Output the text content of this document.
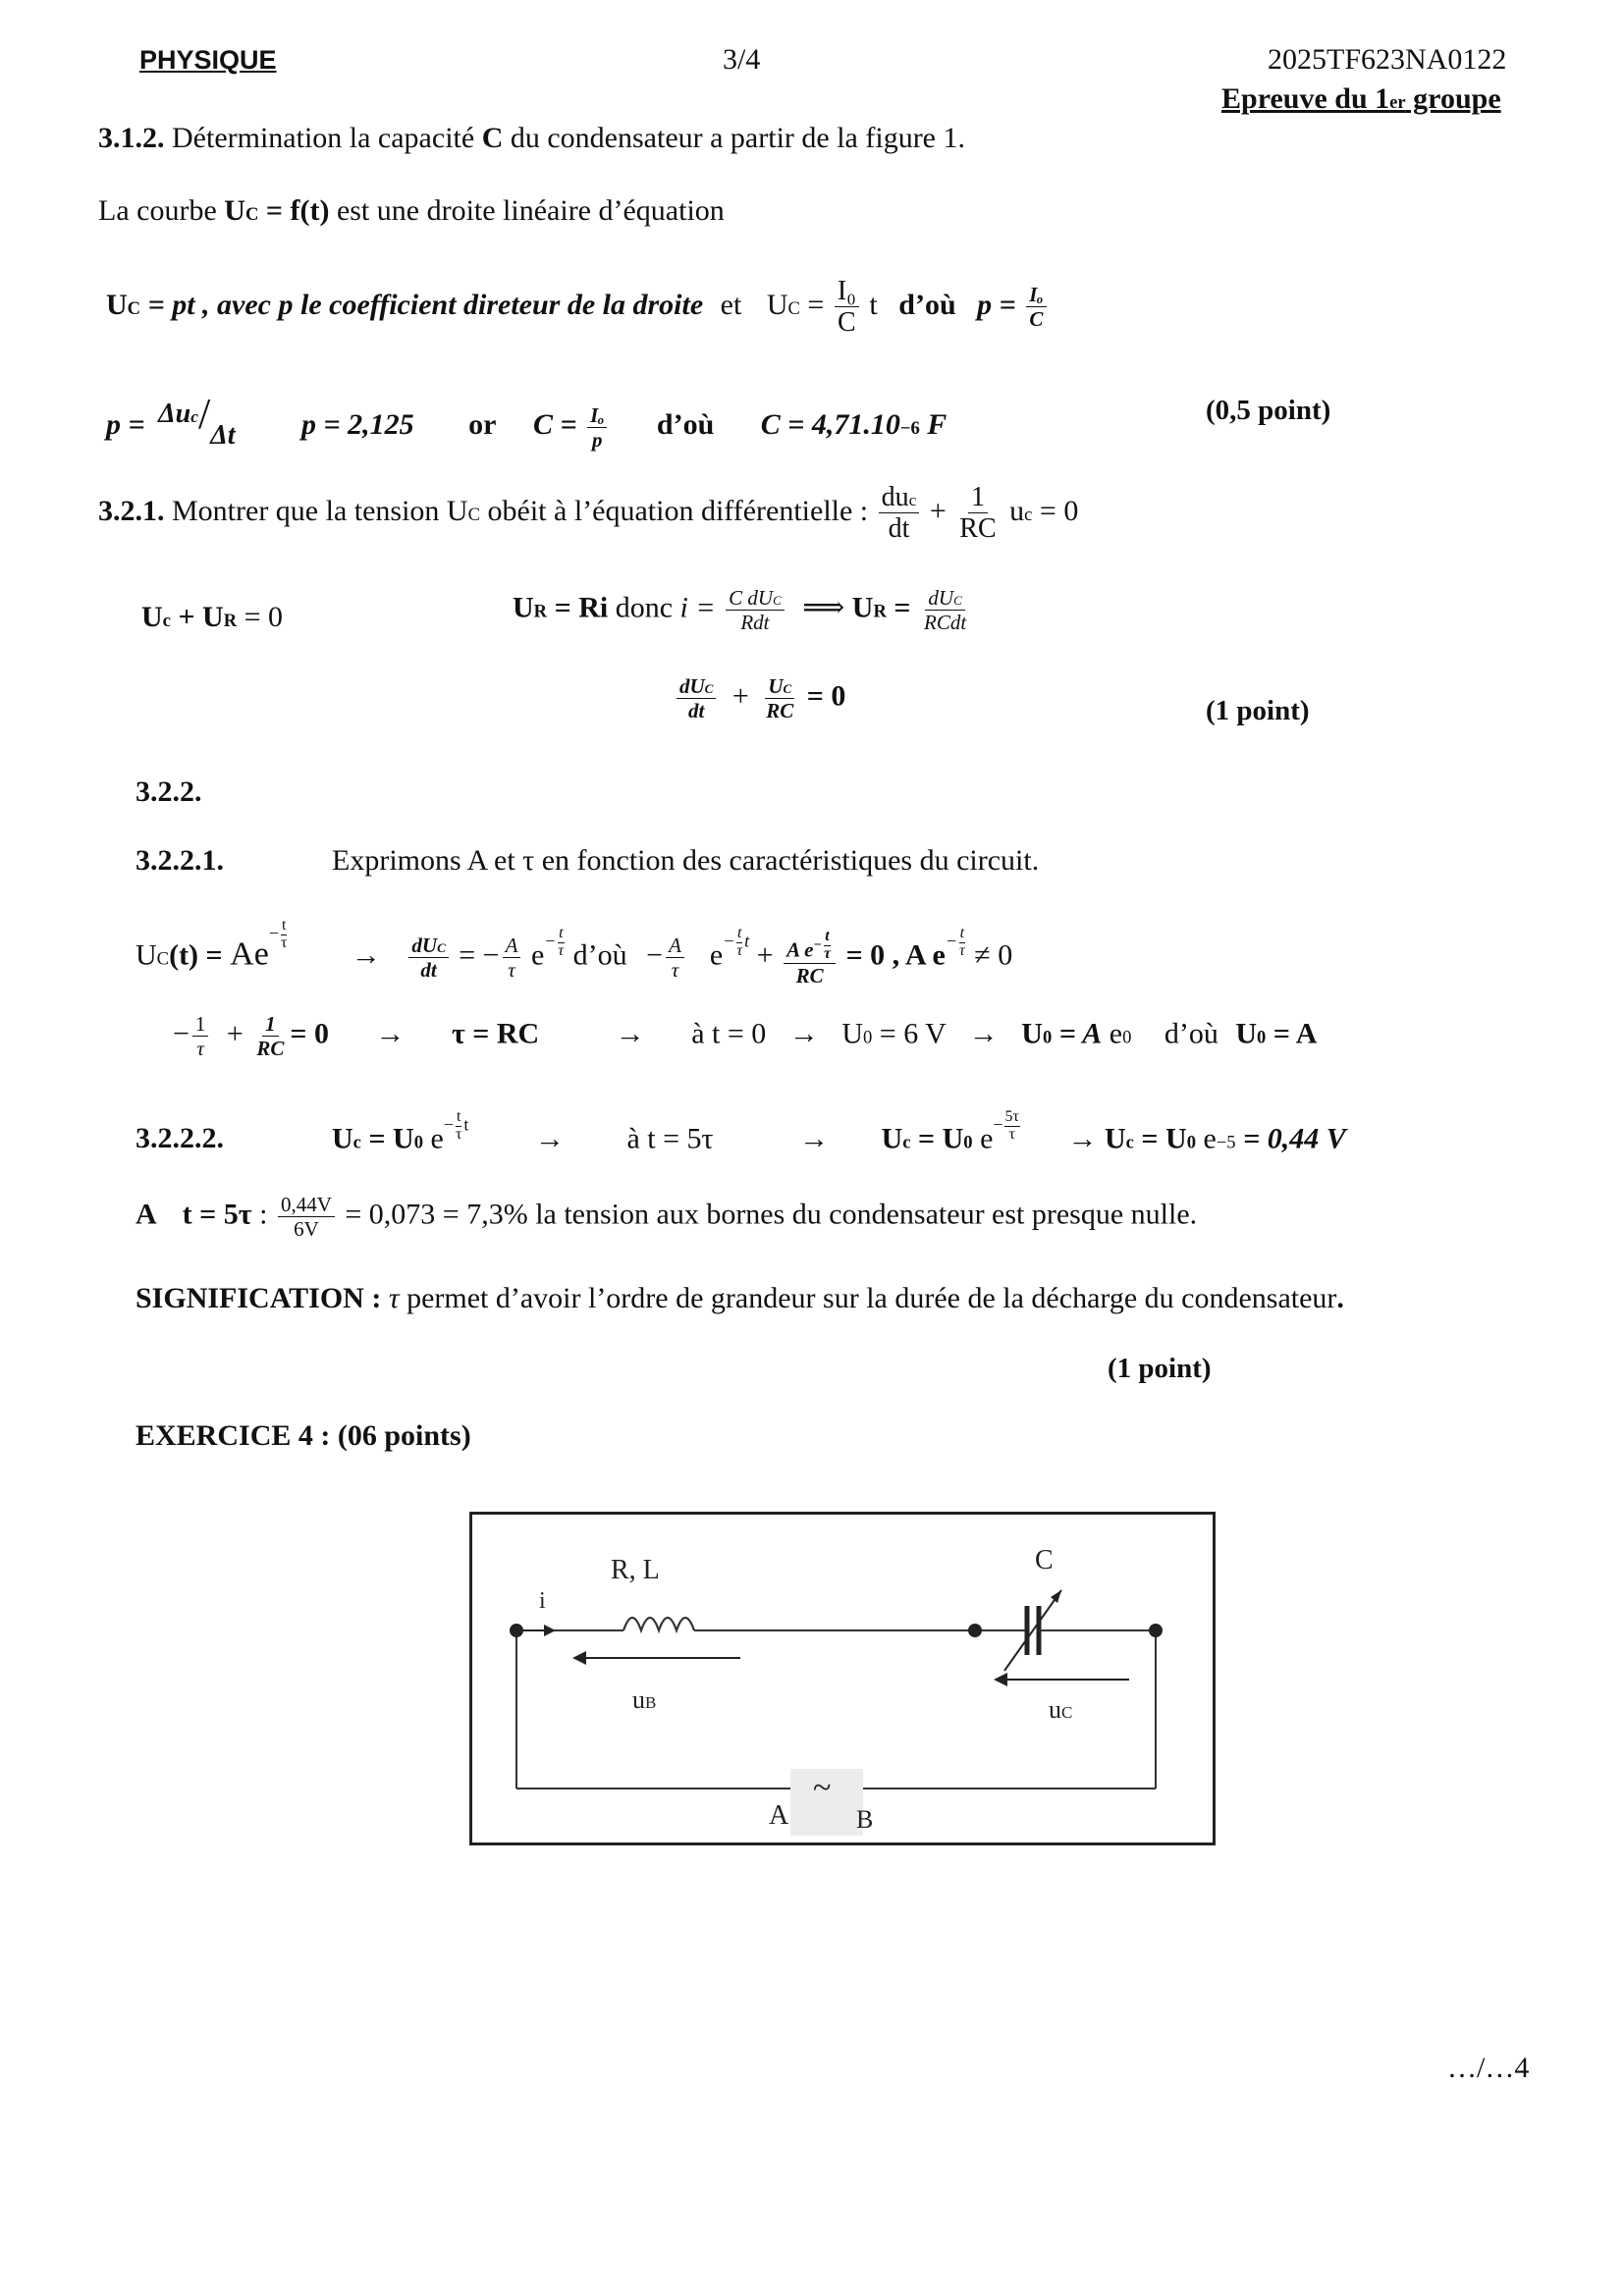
PHYSIQUE	3/4	2025TF623NA0122
Epreuve du 1er groupe
3.1.2. Détermination la capacité C du condensateur a partir de la figure 1.
La courbe $U_C = f(t)$ est une droite linéaire d’équation
$U_C$ = pt , avec p le coefficient direteur de la droite et $U_C = \frac{\text{I₀}}{C}$ t d’où $p = \frac{\text{Iₒ}}{C}$
$p = \Delta u_c/\Delta t$ p = 2,125 or $C = \frac{\text{Iₒ}}{p}$ d’où $C = 4,71.10^{-6}$ F	(0,5 point)
3.2.1. Montrer que la tension $U_C$ obéit à l’équation différentielle : $\frac{du_c}{dt} + \frac{1}{RC} u_c = 0$
$U_c + U_R = 0$	$U_R = Ri$ donc $i = \frac{C dU_C}{\text{Rdt}}$ ⟹ $U_R = \frac{dU_C}{\text{RCdt}}$
$\frac{dU_C}{dt} + \frac{U_C}{RC} = 0$	(1 point)
3.2.2.
3.2.2.1.	Exprimons A et τ en fonction des caractéristiques du circuit.
$U_C(t) = Ae- \frac{t}{\tau}$
→ $\frac{dU_C}{dt}$ = − $\frac{A}{\tau} e- \frac{t}{\tau}$ d’où − $\frac{A}{\tau} e- \frac{t}{\tau}$ $t + \frac{A e- \frac{t}{\tau}}{RC} = 0$ , A $e- \frac{t}{\tau} \ne 0$
− $\frac{1}{\tau} + \frac{1}{RC} = 0 \to \tau$ = RC	→ à $t = 0 \to U_0 = 6$ $V \to U_0 = A$ $e^0$ d’où $U_0 = A$
3.2.2.2.	$U_c = U_0$ $e- \frac{t}{\tau}$ t → à t = 5τ	→ $U_c = U_0$ $e- \frac{5\tau}{\tau} \to U_c = U_0$ $e^{-5} = 0,44$ V
A t = 5τ : $\frac{0,44V}{6V} = 0,073 = 7,3\%$ la tension aux bornes du condensateur est presque nulle.
SIGNIFICATION : τ permet d’avoir l’ordre de grandeur sur la durée de la décharge du condensateur.
(1 point)
EXERCICE 4 : (06 points)
R, L	C
i
uB	uC
~
A	B
…/…4
